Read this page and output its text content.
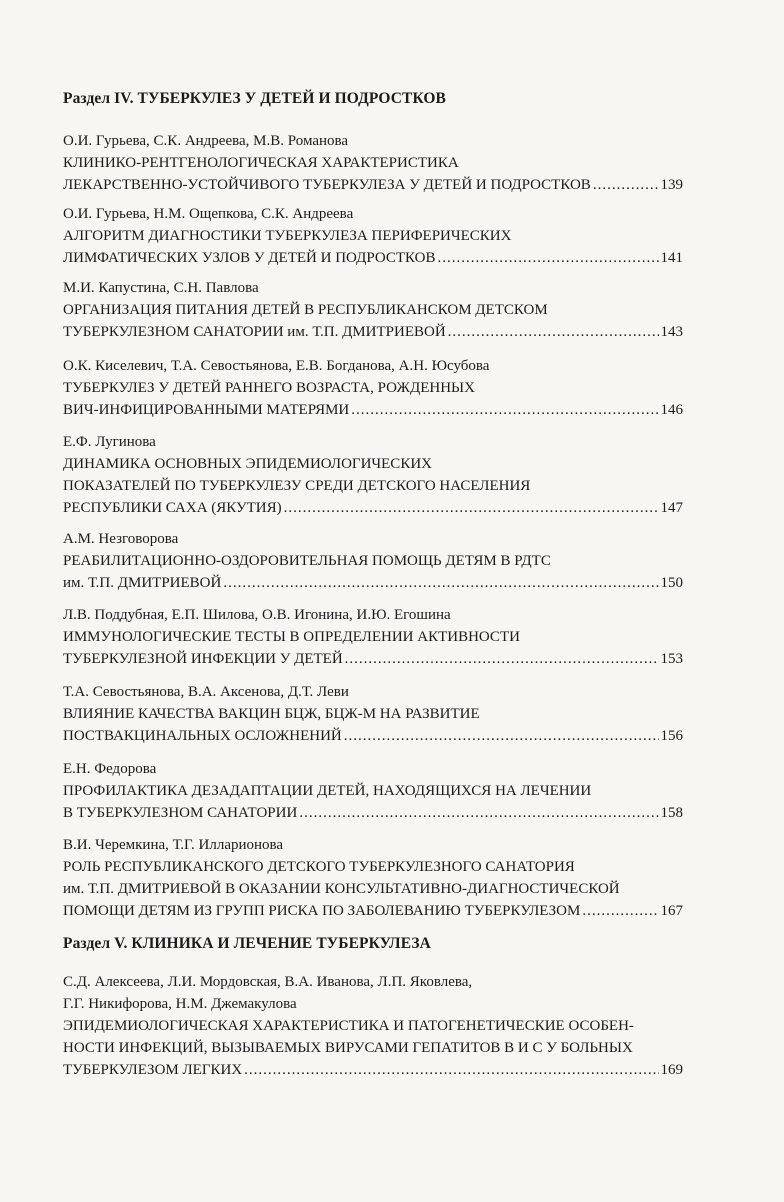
Раздел IV. ТУБЕРКУЛЕЗ У ДЕТЕЙ И ПОДРОСТКОВ
О.И. Гурьева, С.К. Андреева, М.В. Романова
КЛИНИКО-РЕНТГЕНОЛОГИЧЕСКАЯ ХАРАКТЕРИСТИКА
ЛЕКАРСТВЕННО-УСТОЙЧИВОГО ТУБЕРКУЛЕЗА У ДЕТЕЙ И ПОДРОСТКОВ .....	139
О.И. Гурьева, Н.М. Ощепкова, С.К. Андреева
АЛГОРИТМ ДИАГНОСТИКИ ТУБЕРКУЛЕЗА ПЕРИФЕРИЧЕСКИХ
ЛИМФАТИЧЕСКИХ УЗЛОВ У ДЕТЕЙ И ПОДРОСТКОВ .....	141
М.И. Капустина, С.Н. Павлова
ОРГАНИЗАЦИЯ ПИТАНИЯ ДЕТЕЙ В РЕСПУБЛИКАНСКОМ ДЕТСКОМ
ТУБЕРКУЛЕЗНОМ САНАТОРИИ им. Т.П. ДМИТРИЕВОЙ .....	143
О.К. Киселевич, Т.А. Севостьянова, Е.В. Богданова, А.Н. Юсубова
ТУБЕРКУЛЕЗ У ДЕТЕЙ РАННЕГО ВОЗРАСТА, РОЖДЕННЫХ
ВИЧ-ИНФИЦИРОВАННЫМИ МАТЕРЯМИ .....	146
Е.Ф. Лугинова
ДИНАМИКА ОСНОВНЫХ ЭПИДЕМИОЛОГИЧЕСКИХ
ПОКАЗАТЕЛЕЙ ПО ТУБЕРКУЛЕЗУ СРЕДИ ДЕТСКОГО НАСЕЛЕНИЯ
РЕСПУБЛИКИ САХА (ЯКУТИЯ) .....	147
А.М. Незговорова
РЕАБИЛИТАЦИОННО-ОЗДОРОВИТЕЛЬНАЯ ПОМОЩЬ ДЕТЯМ В РДТС
им. Т.П. ДМИТРИЕВОЙ .....	150
Л.В. Поддубная, Е.П. Шилова, О.В. Игонина, И.Ю. Егошина
ИММУНОЛОГИЧЕСКИЕ ТЕСТЫ В ОПРЕДЕЛЕНИИ АКТИВНОСТИ
ТУБЕРКУЛЕЗНОЙ ИНФЕКЦИИ У ДЕТЕЙ .....	153
Т.А. Севостьянова, В.А. Аксенова, Д.Т. Леви
ВЛИЯНИЕ КАЧЕСТВА ВАКЦИН БЦЖ, БЦЖ-М НА РАЗВИТИЕ
ПОСТВАКЦИНАЛЬНЫХ ОСЛОЖНЕНИЙ .....	156
Е.Н. Федорова
ПРОФИЛАКТИКА ДЕЗАДАПТАЦИИ ДЕТЕЙ, НАХОДЯЩИХСЯ НА ЛЕЧЕНИИ
В ТУБЕРКУЛЕЗНОМ САНАТОРИИ .....	158
В.И. Черемкина, Т.Г. Илларионова
РОЛЬ РЕСПУБЛИКАНСКОГО ДЕТСКОГО ТУБЕРКУЛЕЗНОГО САНАТОРИЯ
им. Т.П. ДМИТРИЕВОЙ В ОКАЗАНИИ КОНСУЛЬТАТИВНО-ДИАГНОСТИЧЕСКОЙ
ПОМОЩИ ДЕТЯМ ИЗ ГРУПП РИСКА ПО ЗАБОЛЕВАНИЮ ТУБЕРКУЛЕЗОМ .....	167
Раздел V. КЛИНИКА И ЛЕЧЕНИЕ ТУБЕРКУЛЕЗА
С.Д. Алексеева, Л.И. Мордовская, В.А. Иванова, Л.П. Яковлева,
Г.Г. Никифорова, Н.М. Джемакулова
ЭПИДЕМИОЛОГИЧЕСКАЯ ХАРАКТЕРИСТИКА И ПАТОГЕНЕТИЧЕСКИЕ ОСОБЕН-
НОСТИ ИНФЕКЦИЙ, ВЫЗЫВАЕМЫХ ВИРУСАМИ ГЕПАТИТОВ В И С У БОЛЬНЫХ
ТУБЕРКУЛЕЗОМ ЛЕГКИХ .....	169
